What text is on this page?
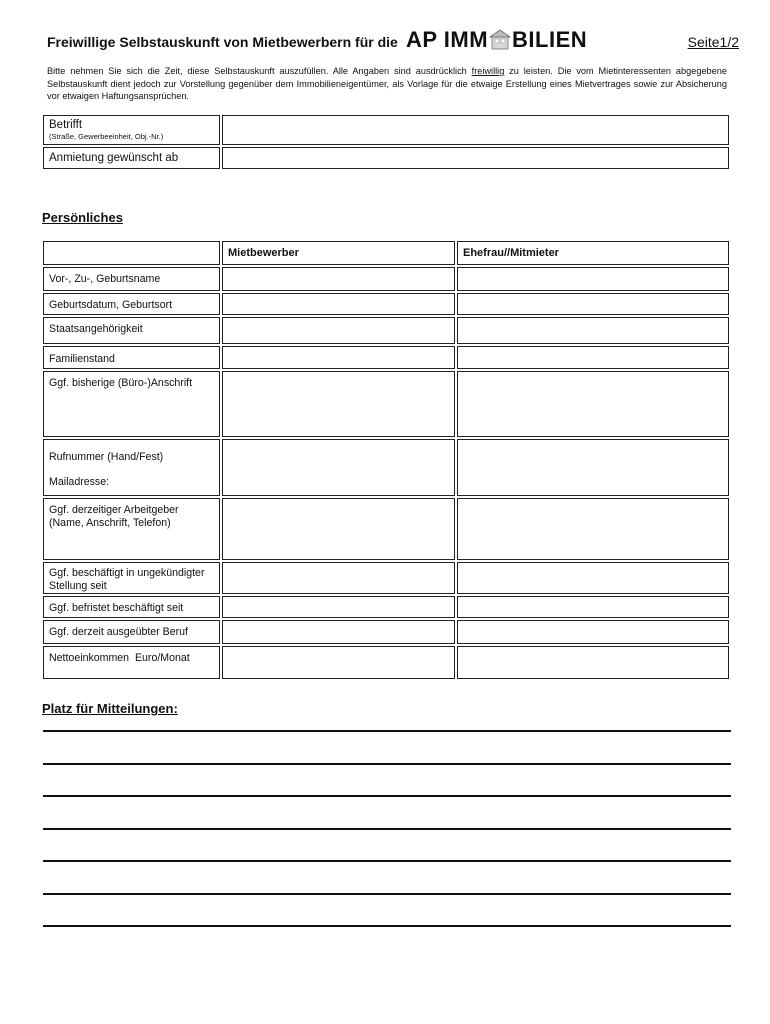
Freiwillige Selbstauskunft von Mietbewerbern für die AP IMM BILIEN	Seite1/2
Bitte nehmen Sie sich die Zeit, diese Selbstauskunft auszufüllen. Alle Angaben sind ausdrücklich freiwillig zu leisten. Die vom Mietinteressenten abgegebene Selbstauskunft dient jedoch zur Vorstellung gegenüber dem Immobilieneigentümer, als Vorlage für die etwaige Erstellung eines Mietvertrages sowie zur Absicherung vor etwaigen Haftungsansprüchen.
Betrifft
(Straße, Gewerbeeinheit, Obj.-Nr.)	

Anmietung gewünscht ab	
Persönliches
	Mietbewerber	Ehefrau//Mitmieter
Vor-, Zu-, Geburtsname		
Geburtsdatum, Geburtsort		
Staatsangehörigkeit		
Familienstand		
Ggf. bisherige (Büro-)Anschrift		

Rufnummer (Hand/Fest)
Mailadresse:		

Ggf. derzeitiger Arbeitgeber
(Name, Anschrift, Telefon)		

Ggf. beschäftigt in ungekündigter
Stellung seit		

Ggf. befristet beschäftigt seit		
Ggf. derzeit ausgeübter Beruf		
Nettoeinkommen  Euro/Monat		
Platz für Mitteilungen:
